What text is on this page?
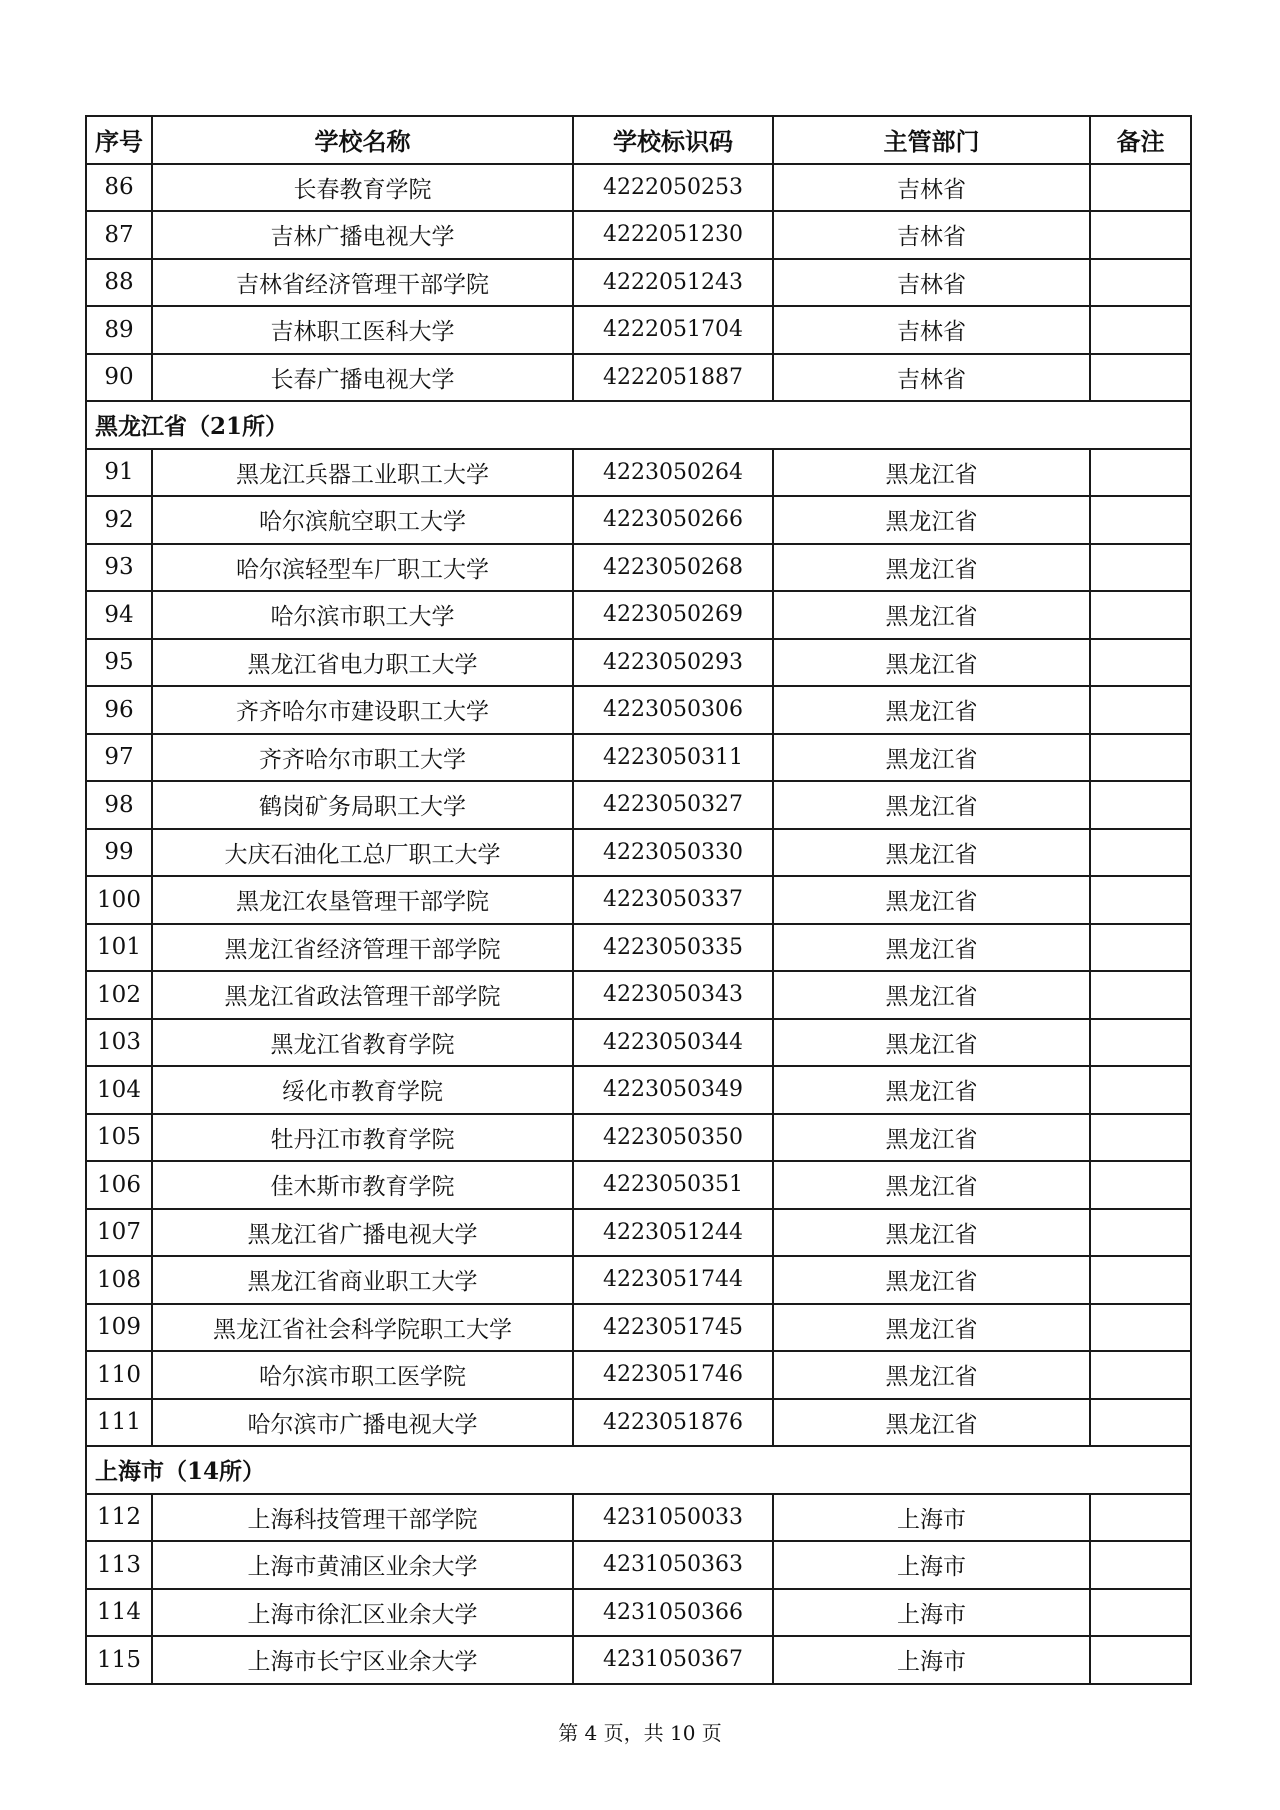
序号	学校名称	学校标识码	主管部门	备注
86	长春教育学院	4222050253	吉林省	
87	吉林广播电视大学	4222051230	吉林省	
88	吉林省经济管理干部学院	4222051243	吉林省	
89	吉林职工医科大学	4222051704	吉林省	
90	长春广播电视大学	4222051887	吉林省	
黑龙江省（21所）				
91	黑龙江兵器工业职工大学	4223050264	黑龙江省	
92	哈尔滨航空职工大学	4223050266	黑龙江省	
93	哈尔滨轻型车厂职工大学	4223050268	黑龙江省	
94	哈尔滨市职工大学	4223050269	黑龙江省	
95	黑龙江省电力职工大学	4223050293	黑龙江省	
96	齐齐哈尔市建设职工大学	4223050306	黑龙江省	
97	齐齐哈尔市职工大学	4223050311	黑龙江省	
98	鹤岗矿务局职工大学	4223050327	黑龙江省	
99	大庆石油化工总厂职工大学	4223050330	黑龙江省	
100	黑龙江农垦管理干部学院	4223050337	黑龙江省	
101	黑龙江省经济管理干部学院	4223050335	黑龙江省	
102	黑龙江省政法管理干部学院	4223050343	黑龙江省	
103	黑龙江省教育学院	4223050344	黑龙江省	
104	绥化市教育学院	4223050349	黑龙江省	
105	牡丹江市教育学院	4223050350	黑龙江省	
106	佳木斯市教育学院	4223050351	黑龙江省	
107	黑龙江省广播电视大学	4223051244	黑龙江省	
108	黑龙江省商业职工大学	4223051744	黑龙江省	
109	黑龙江省社会科学院职工大学	4223051745	黑龙江省	
110	哈尔滨市职工医学院	4223051746	黑龙江省	
111	哈尔滨市广播电视大学	4223051876	黑龙江省	
上海市（14所）				
112	上海科技管理干部学院	4231050033	上海市	
113	上海市黄浦区业余大学	4231050363	上海市	
114	上海市徐汇区业余大学	4231050366	上海市	
115	上海市长宁区业余大学	4231050367	上海市	
第 4 页，共 10 页
